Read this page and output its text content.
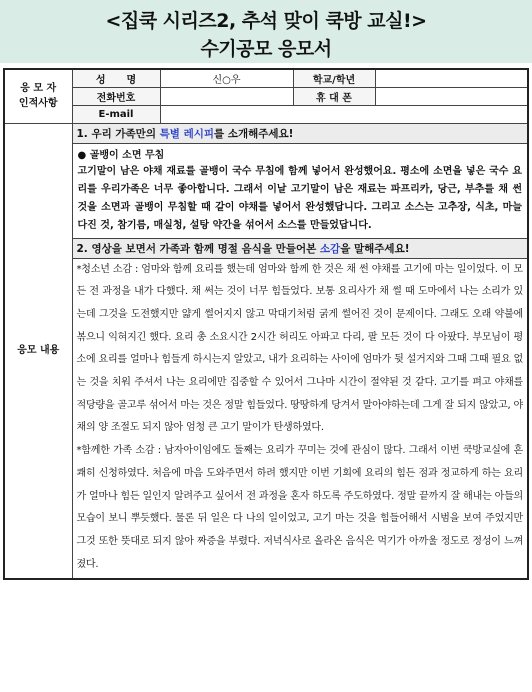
<집쿡 시리즈2, 추석 맞이 쿡방 교실!>
수기공모 응모서
응 모 자
인적사항	성      명	신○우	학교/학년	
	전화번호		휴 대 폰	
	E-mail			
응모 내용	1. 우리 가족만의 특별 레시피를 소개해주세요!			

	● 골뱅이 소면 무침
고기말이 남은 야채 재료를 골뱅이 국수 무침에 함께 넣어서 완성했어요. 평소에 소면을 넣은 국수 요리를 우리가족은 너무 좋아합니다. 그래서 이날 고기말이 남은 재료는 파프리카, 당근, 부추를 채 썬 것을 소면과 골뱅이 무침할 때 같이 야채를 넣어서 완성했답니다. 그리고 소스는 고추장, 식초, 마늘 다진 것, 참기름, 매실청, 설탕 약간을 섞어서 소스를 만들었답니다.			

	2. 영상을 보면서 가족과 함께 명절 음식을 만들어본 소감을 말해주세요!			

	*청소년 소감 : 엄마와 함께 요리를 했는데 엄마와 함께 한 것은 채 썬 야채를 고기에 마는 일이었다. 이 모든 전 과정을 내가 다했다. 채 써는 것이 너무 힘들었다. 보통 요리사가 채 썰 때 도마에서 나는 소리가 있는데 그것을 도전했지만 얇게 썰어지지 않고 막대기처럼 굵게 썰어진 것이 문제이다. 그래도 오래 약불에 볶으니 익혀지긴 했다. 요리 총 소요시간 2시간 허리도 아파고 다리, 팔 모든 것이 다 아팠다. 부모님이 평소에 요리를 얼마나 힘들게 하시는지 알았고, 내가 요리하는 사이에 엄마가 뒷 설거지와 그때 그때 필요 없는 것을 치워 주셔서 나는 요리에만 집중할 수 있어서 그나마 시간이 절약된 것 같다. 고기를 펴고 야채를 적당량을 골고루 섞어서 마는 것은 정말 힘들었다. 땅땅하게 당겨서 말아야하는데 그게 잘 되지 않았고, 야채의 양 조절도 되지 않아 엄청 큰 고기 말이가 탄생하였다.

*함께한 가족 소감 : 남자아이임에도 둘째는 요리가 꾸미는 것에 관심이 많다. 그래서 이번 쿡방교실에 흔쾌히 신청하였다. 처음에 마음 도와주면서 하려 했지만 이번 기회에 요리의 힘든 점과 정교하게 하는 요리가 얼마나 힘든 일인지 알려주고 싶어서 전 과정을 혼자 하도록 주도하였다. 정말 끝까지 잘 해내는 아들의 모습이 보니 뿌듯했다. 물론 뒤 일은 다 나의 일이었고, 고기 마는 것을 힘들어해서 시범을 보여 주었지만 그것 또한 뜻대로 되지 않아 짜증을 부렸다. 저녁식사로 올라온 음식은 먹기가 아까울 정도로 정성이 느껴졌다.			
